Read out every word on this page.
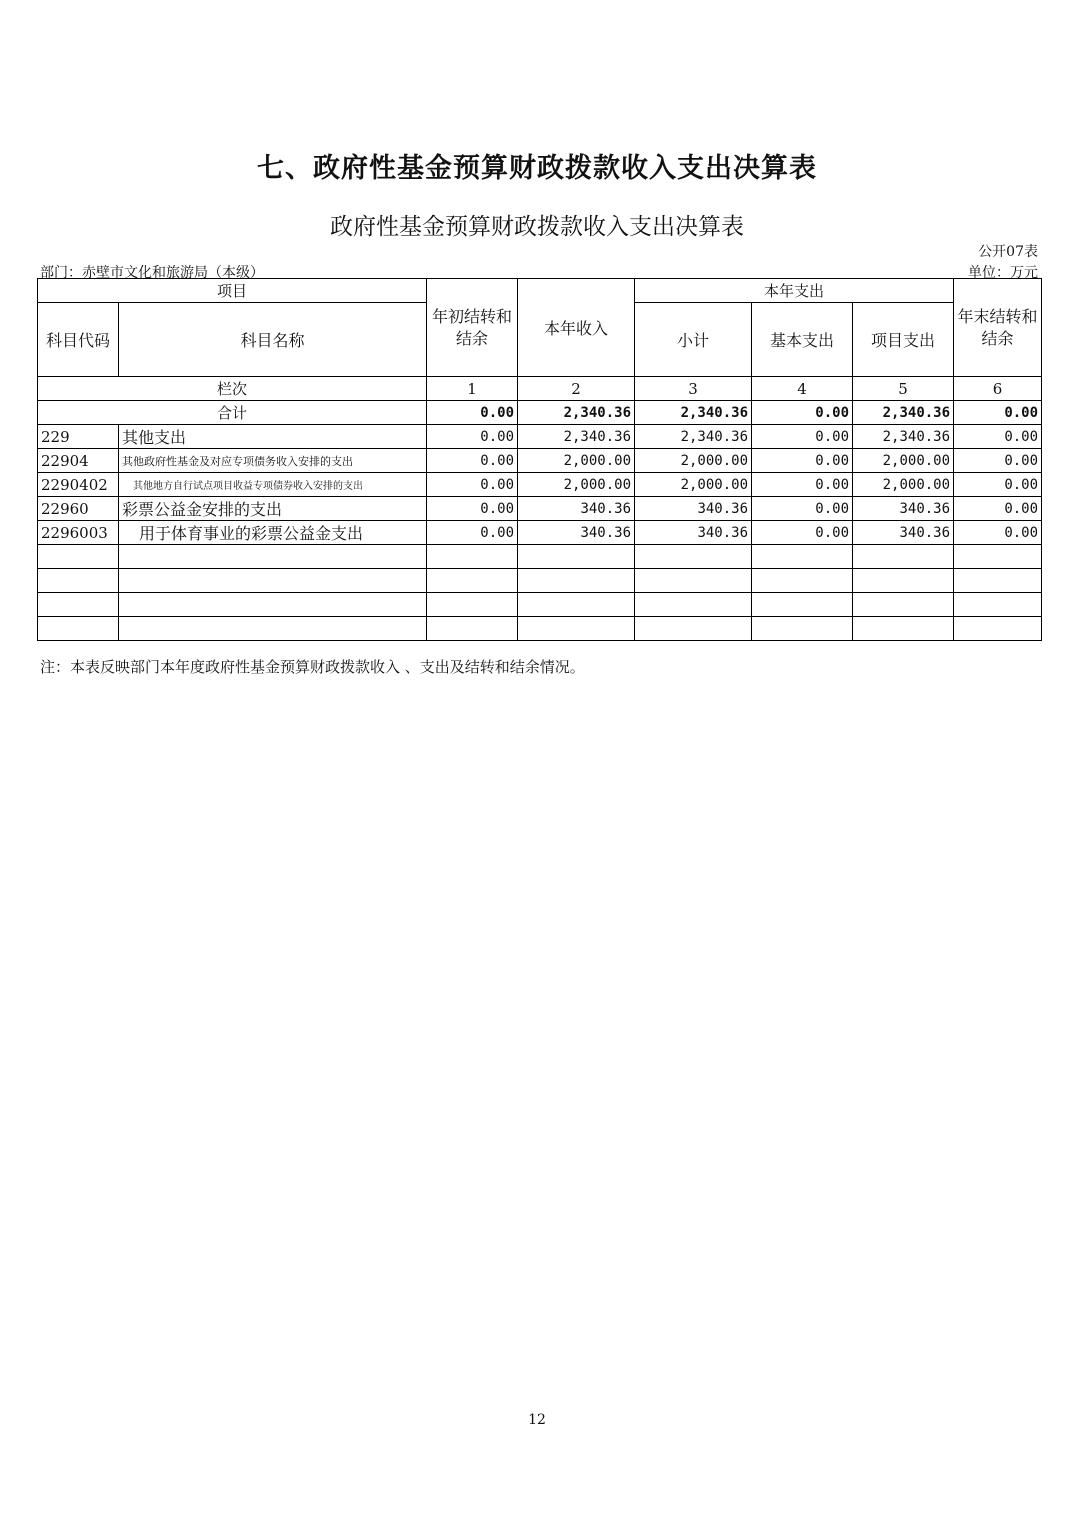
七、政府性基金预算财政拨款收入支出决算表
政府性基金预算财政拨款收入支出决算表
公开07表
部门：赤壁市文化和旅游局（本级）	单位：万元
项目		年初结转和结余	本年收入	本年支出			年末结转和结余
科目代码	科目名称			小计	基本支出	项目支出	
栏次		1	2	3	4	5	6
合计		0.00	2,340.36	2,340.36	0.00	2,340.36	0.00
229	其他支出	0.00	2,340.36	2,340.36	0.00	2,340.36	0.00
22904	其他政府性基金及对应专项债务收入安排的支出	0.00	2,000.00	2,000.00	0.00	2,000.00	0.00
2290402	其他地方自行试点项目收益专项债券收入安排的支出	0.00	2,000.00	2,000.00	0.00	2,000.00	0.00
22960	彩票公益金安排的支出	0.00	340.36	340.36	0.00	340.36	0.00
2296003	用于体育事业的彩票公益金支出	0.00	340.36	340.36	0.00	340.36	0.00

注：本表反映部门本年度政府性基金预算财政拨款收入 、支出及结转和结余情况。
12
